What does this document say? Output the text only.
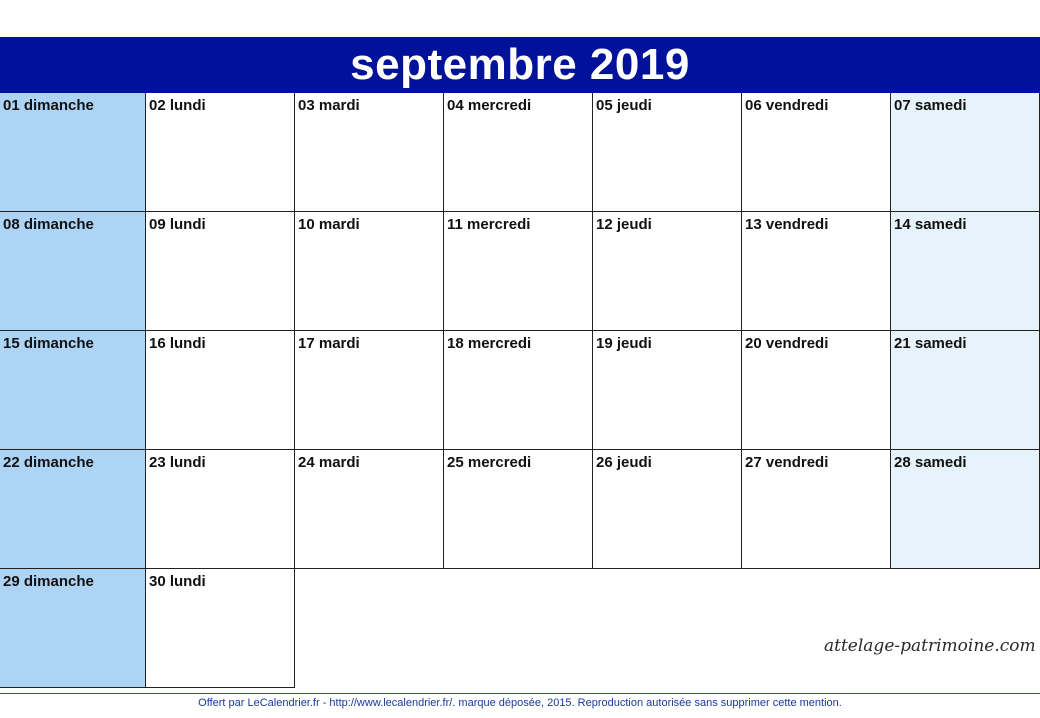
septembre 2019
01 dimanche	02 lundi	03 mardi	04 mercredi	05 jeudi	06 vendredi	07 samedi
08 dimanche	09 lundi	10 mardi	11 mercredi	12 jeudi	13 vendredi	14 samedi
15 dimanche	16 lundi	17 mardi	18 mercredi	19 jeudi	20 vendredi	21 samedi
22 dimanche	23 lundi	24 mardi	25 mercredi	26 jeudi	27 vendredi	28 samedi
29 dimanche	30 lundi
attelage-patrimoine.com
Offert par LeCalendrier.fr - http://www.lecalendrier.fr/. marque déposée, 2015. Reproduction autorisée sans supprimer cette mention.
